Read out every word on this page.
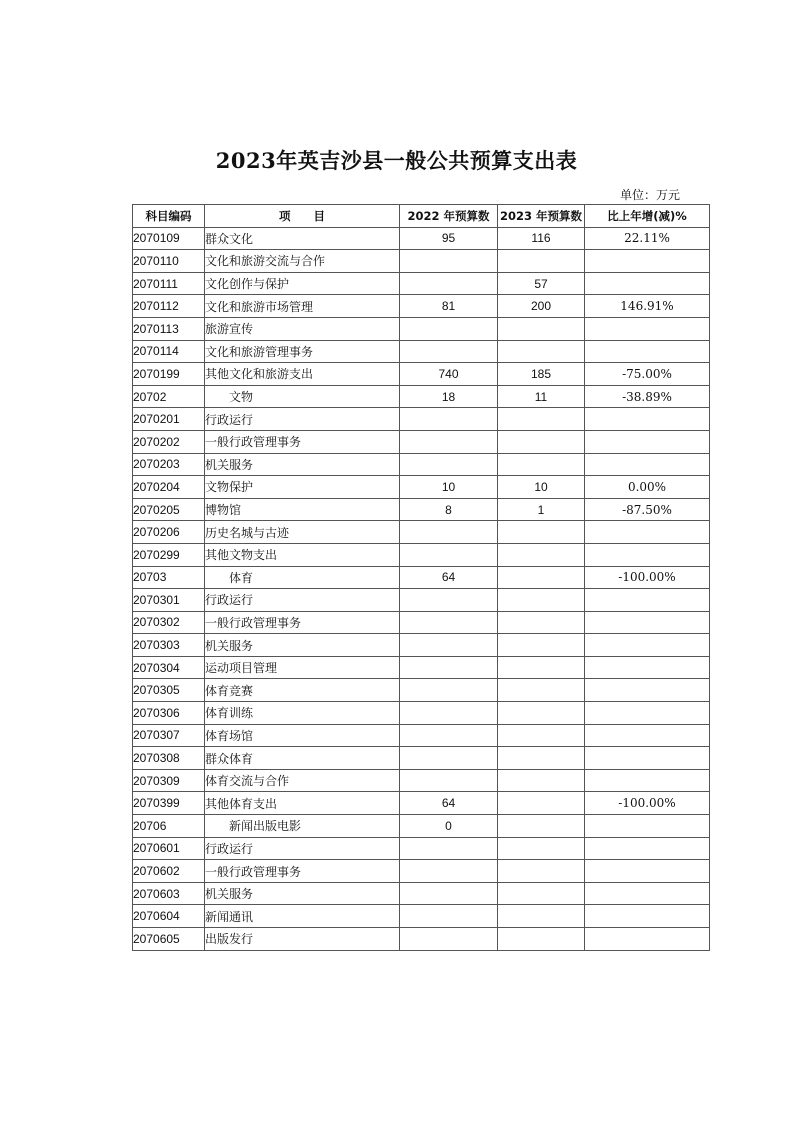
2023年英吉沙县一般公共预算支出表
单位：万元
科目编码	项　　目	2022 年预算数	2023 年预算数	比上年增(减)%
2070109	群众文化	95	116	22.11%
2070110	文化和旅游交流与合作			
2070111	文化创作与保护		57	
2070112	文化和旅游市场管理	81	200	146.91%
2070113	旅游宣传			
2070114	文化和旅游管理事务			
2070199	其他文化和旅游支出	740	185	-75.00%
20702	文物	18	11	-38.89%
2070201	行政运行			
2070202	一般行政管理事务			
2070203	机关服务			
2070204	文物保护	10	10	0.00%
2070205	博物馆	8	1	-87.50%
2070206	历史名城与古迹			
2070299	其他文物支出			
20703	体育	64		-100.00%
2070301	行政运行			
2070302	一般行政管理事务			
2070303	机关服务			
2070304	运动项目管理			
2070305	体育竞赛			
2070306	体育训练			
2070307	体育场馆			
2070308	群众体育			
2070309	体育交流与合作			
2070399	其他体育支出	64		-100.00%
20706	新闻出版电影	0		
2070601	行政运行			
2070602	一般行政管理事务			
2070603	机关服务			
2070604	新闻通讯			
2070605	出版发行			
